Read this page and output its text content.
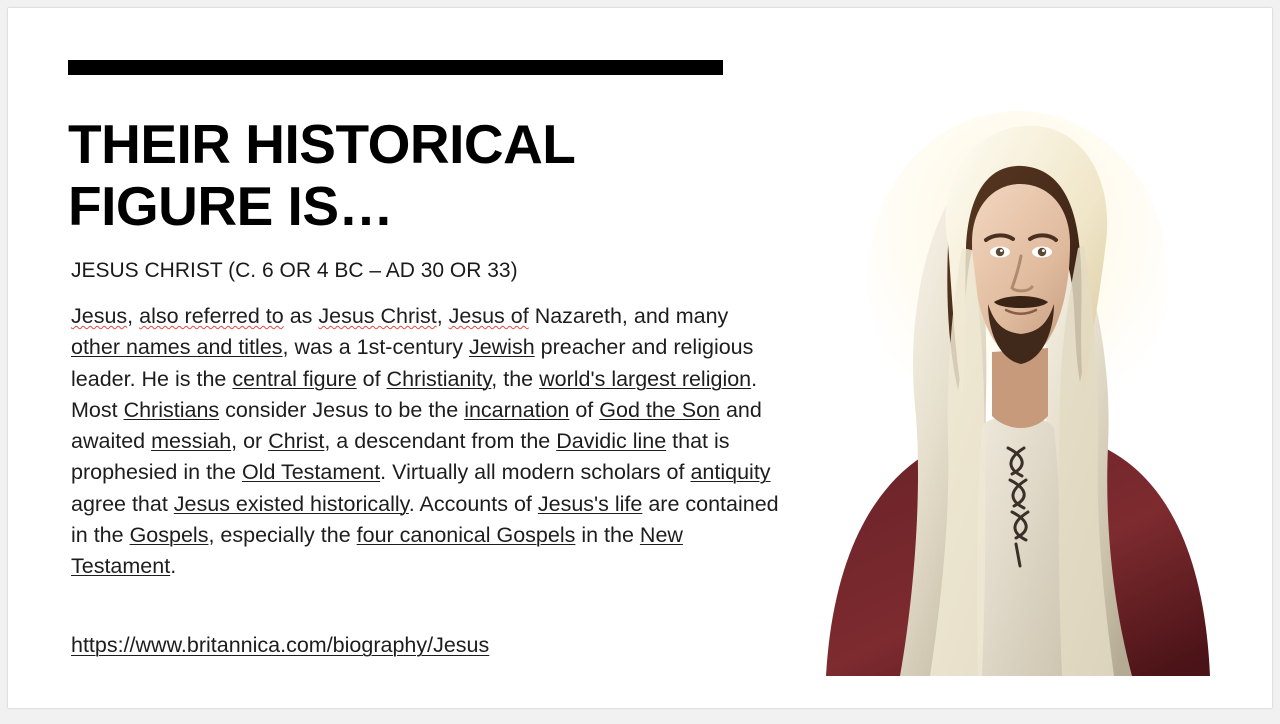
THEIR HISTORICAL FIGURE IS…
JESUS CHRIST (C. 6 OR 4 BC – AD 30 OR 33)
Jesus, also referred to as Jesus Christ, Jesus of Nazareth, and many other names and titles, was a 1st-century Jewish preacher and religious leader. He is the central figure of Christianity, the world's largest religion. Most Christians consider Jesus to be the incarnation of God the Son and awaited messiah, or Christ, a descendant from the Davidic line that is prophesied in the Old Testament. Virtually all modern scholars of antiquity agree that Jesus existed historically. Accounts of Jesus's life are contained in the Gospels, especially the four canonical Gospels in the New Testament.
https://www.britannica.com/biography/Jesus
